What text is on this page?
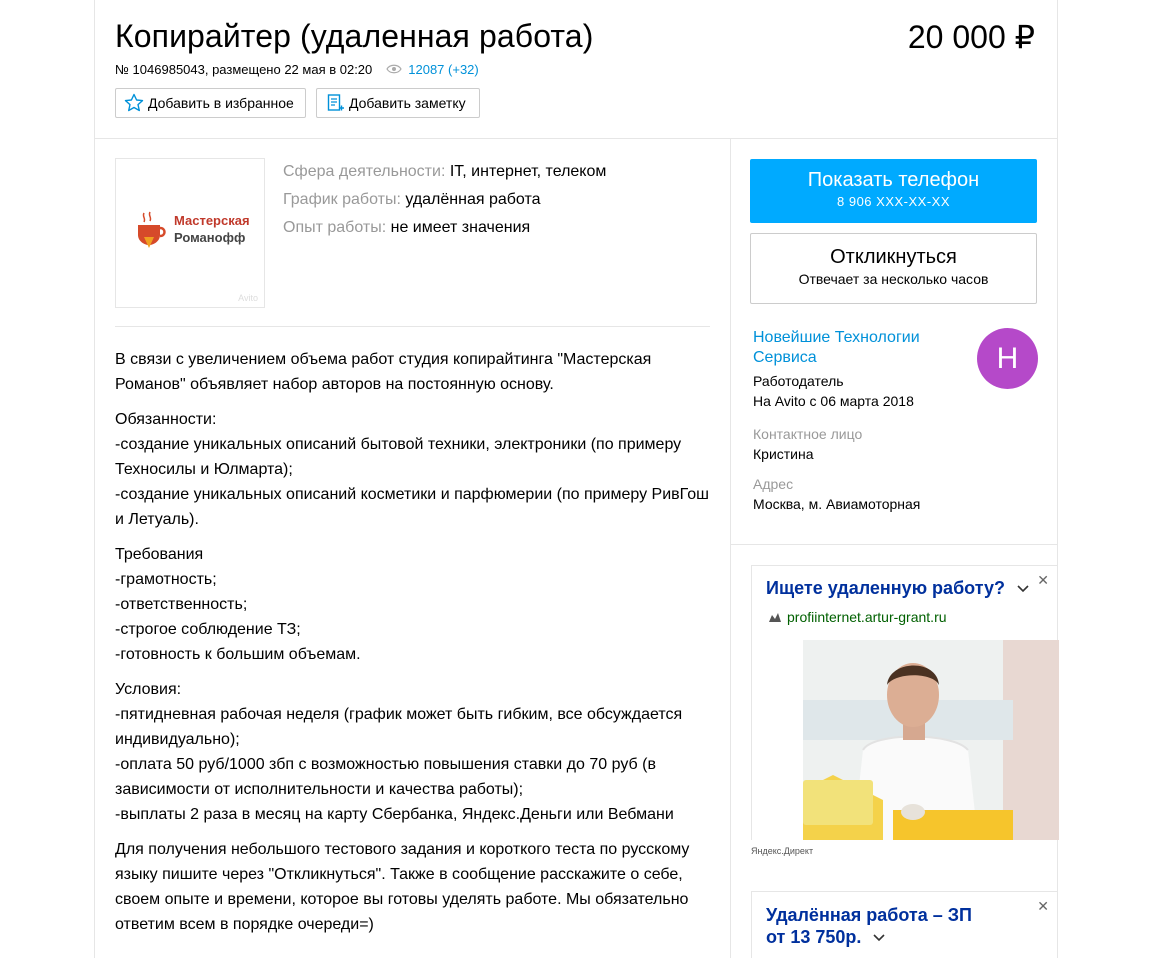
Копирайтер (удаленная работа)	20 000 ₽
№ 1046985043, размещено 22 мая в 02:20	12087 (+32)
Добавить в избранное	Добавить заметку
Мастерская
Романофф
Avito
Сфера деятельности: IT, интернет, телеком
График работы: удалённая работа
Опыт работы: не имеет значения

В связи с увеличением объема работ студия копирайтинга "Мастерская Романов" объявляет набор авторов на постоянную основу.

Обязанности:
-создание уникальных описаний бытовой техники, электроники (по примеру Техносилы и Юлмарта);
-создание уникальных описаний косметики и парфюмерии (по примеру РивГош и Летуаль).

Требования
-грамотность;
-ответственность;
-строгое соблюдение ТЗ;
-готовность к большим объемам.

Условия:
-пятидневная рабочая неделя (график может быть гибким, все обсуждается индивидуально);
-оплата 50 руб/1000 збп с возможностью повышения ставки до 70 руб (в зависимости от исполнительности и качества работы);
-выплаты 2 раза в месяц на карту Сбербанка, Яндекс.Деньги или Вебмани

Для получения небольшого тестового задания и короткого теста по русскому языку пишите через "Откликнуться". Также в сообщение расскажите о себе, своем опыте и времени, которое вы готовы уделять работе. Мы обязательно ответим всем в порядке очереди=)

Показать телефон
8 906 XXX-XX-XX
Откликнуться
Отвечает за несколько часов
Новейшие Технологии Сервиса
Работодатель
На Avito с 06 марта 2018
Н
Контактное лицо
Кристина
Адрес
Москва, м. Авиамоторная
Ищете удаленную работу?	✕
profiinternet.artur-grant.ru
Яндекс.Директ
Удалённая работа – ЗП
от 13 750р.
✕
